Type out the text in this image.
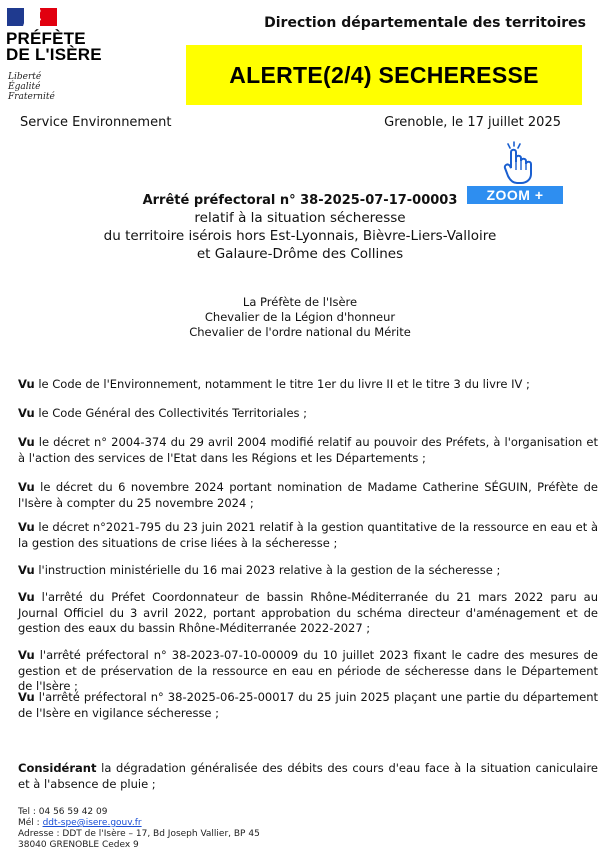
PRÉFÈTE
DE L'ISÈRE
Liberté
Égalité
Fraternité
Direction départementale des territoires
ALERTE(2/4) SECHERESSE
Service Environnement	Grenoble, le 17 juillet 2025
ZOOM +
Arrêté préfectoral n° 38-2025-07-17-00003
relatif à la situation sécheresse
du territoire isérois hors Est-Lyonnais, Bièvre-Liers-Valloire
et Galaure-Drôme des Collines
La Préfète de l'Isère
Chevalier de la Légion d'honneur
Chevalier de l'ordre national du Mérite
Vu le Code de l'Environnement, notamment le titre 1er du livre II et le titre 3 du livre IV ;
Vu le Code Général des Collectivités Territoriales ;
Vu le décret n° 2004-374 du 29 avril 2004 modifié relatif au pouvoir des Préfets, à l'organisation et à l'action des services de l'Etat dans les Régions et les Départements ;
Vu le décret du 6 novembre 2024 portant nomination de Madame Catherine SÉGUIN, Préfète de l'Isère à compter du 25 novembre 2024 ;
Vu le décret n°2021-795 du 23 juin 2021 relatif à la gestion quantitative de la ressource en eau et à la gestion des situations de crise liées à la sécheresse ;
Vu l'instruction ministérielle du 16 mai 2023 relative à la gestion de la sécheresse ;
Vu l'arrêté du Préfet Coordonnateur de bassin Rhône-Méditerranée du 21 mars 2022 paru au Journal Officiel du 3 avril 2022, portant approbation du schéma directeur d'aménagement et de gestion des eaux du bassin Rhône-Méditerranée 2022-2027 ;
Vu l'arrêté préfectoral n° 38-2023-07-10-00009 du 10 juillet 2023 fixant le cadre des mesures de gestion et de préservation de la ressource en eau en période de sécheresse dans le Département de l'Isère ;
Vu l'arrêté préfectoral n° 38-2025-06-25-00017 du 25 juin 2025 plaçant une partie du département de l'Isère en vigilance sécheresse ;
Considérant la dégradation généralisée des débits des cours d'eau face à la situation caniculaire et à l'absence de pluie ;
Tel : 04 56 59 42 09
Mél : ddt-spe@isere.gouv.fr
Adresse : DDT de l'Isère – 17, Bd Joseph Vallier, BP 45
38040 GRENOBLE Cedex 9
